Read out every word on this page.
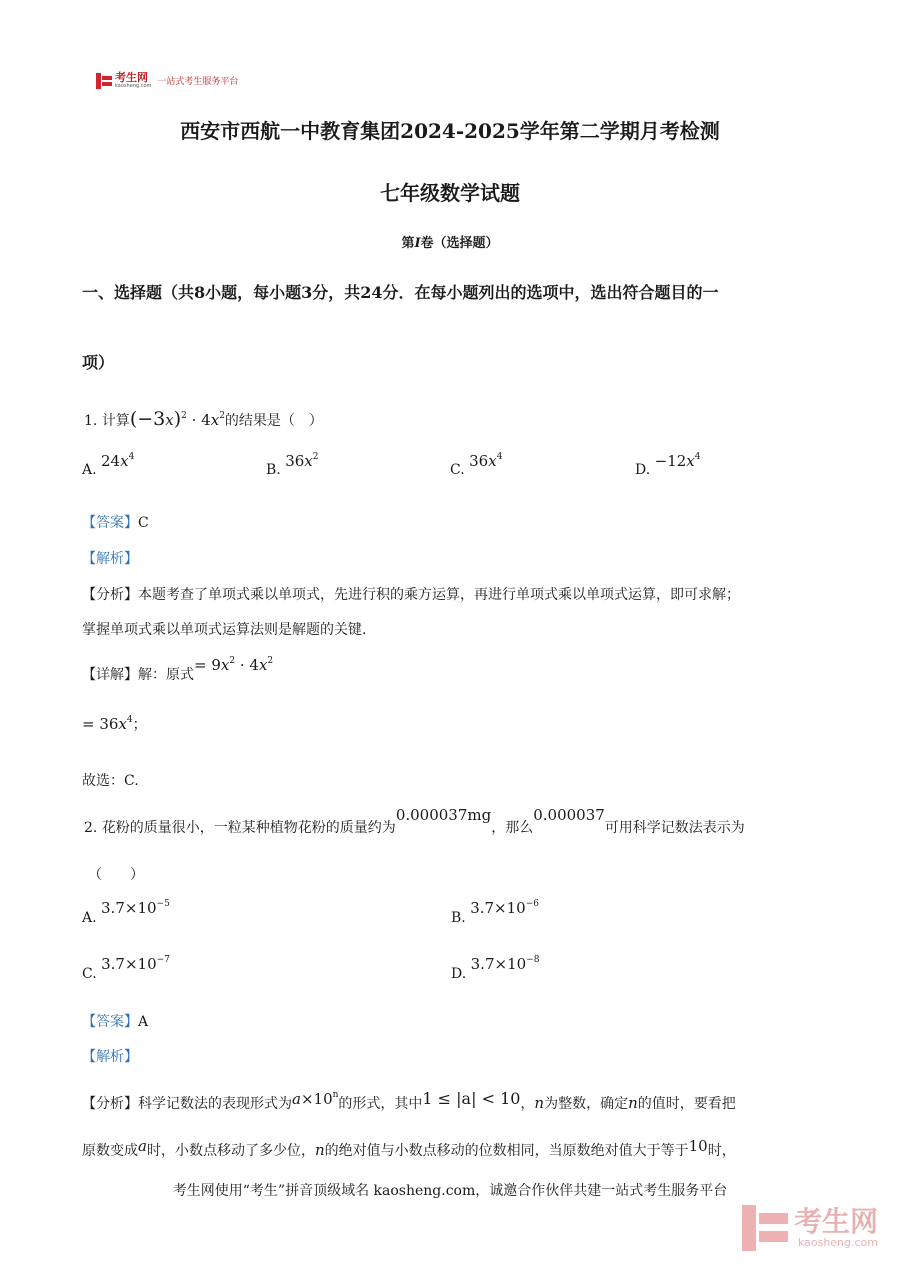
考生网
kaosheng.com 一站式考生服务平台
西安市西航一中教育集团2024-2025学年第二学期月考检测
七年级数学试题
第I卷（选择题）
一、选择题（共8小题，每小题3分，共24分．在每小题列出的选项中，选出符合题目的一
项）
1. 计算$(-3x)^2 \cdot 4x^2$的结果是（　）
A. $24x^4$
B. $36x^2$
C. $36x^4$
D. $-12x^4$
【答案】C
【解析】
【分析】本题考查了单项式乘以单项式，先进行积的乘方运算，再进行单项式乘以单项式运算，即可求解；
掌握单项式乘以单项式运算法则是解题的关键．
【详解】解：原式= $9x^2 \cdot 4x^2$
= $36x^4$；
故选：C.
2. 花粉的质量很小，一粒某种植物花粉的质量约为0.000037mg，那么0.000037可用科学记数法表示为
（　　）
A. $3.7\times 10^{-5}$
B. $3.7\times 10^{-6}$
C. $3.7\times 10^{-7}$
D. $3.7\times 10^{-8}$
【答案】A
【解析】
【分析】科学记数法的表现形式为$a\times 10^n$的形式，其中1 ≤ |a| < 10，n为整数，确定n的值时，要看把
原数变成a时，小数点移动了多少位，n的绝对值与小数点移动的位数相同，当原数绝对值大于等于10时，
考生网使用“考生”拼音顶级域名 kaosheng.com，诚邀合作伙伴共建一站式考生服务平台
考生网
kaosheng.com
